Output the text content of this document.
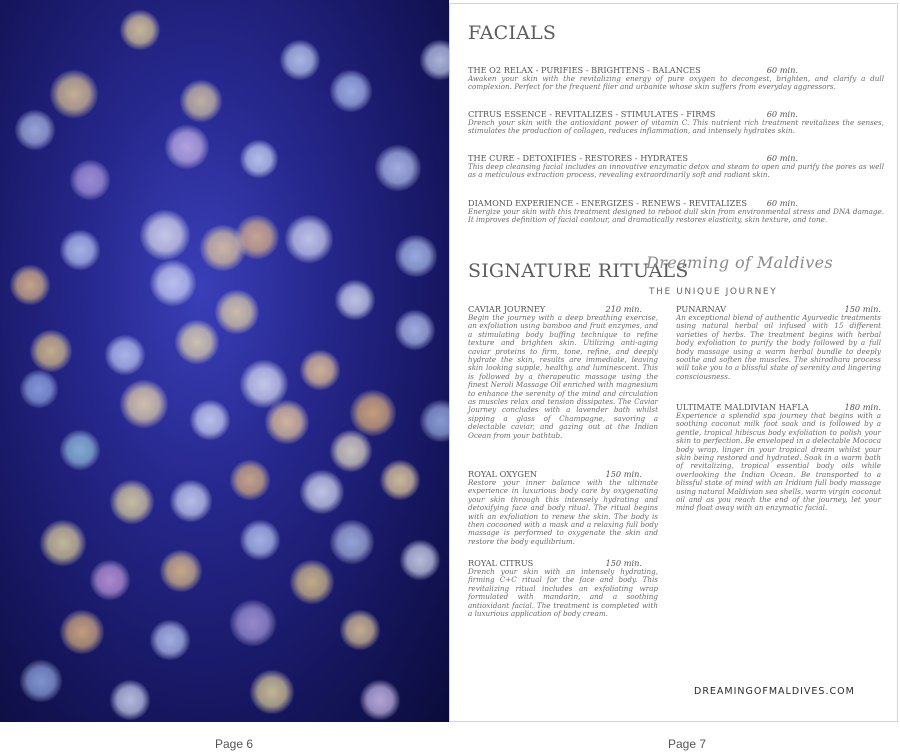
FACIALS
THE O2 RELAX - PURIFIES - BRIGHTENS - BALANCES	60 min.
Awaken your skin with the revitalizing energy of pure oxygen to decongest, brighten, and clarify a dull complexion. Perfect for the frequent flier and urbanite whose skin suffers from everyday aggressors.
CITRUS ESSENCE - REVITALIZES - STIMULATES - FIRMS	60 min.
Drench your skin with the antioxidant power of vitamin C. This nutrient rich treatment revitalizes the senses, stimulates the production of collagen, reduces inflammation, and intensely hydrates skin.
THE CURE - DETOXIFIES - RESTORES - HYDRATES	60 min.
This deep cleansing facial includes an innovative enzymatic detox and steam to open and purify the pores as well as a meticulous extraction process, revealing extraordinarily soft and radiant skin.
DIAMOND EXPERIENCE - ENERGIZES - RENEWS - REVITALIZES 60 min.
Energize your skin with this treatment designed to reboot dull skin from environmental stress and DNA damage. It improves definition of facial contour, and dramatically restores elasticity, skin texture, and tone.
SIGNATURE RITUALS
Dreaming of Maldives
THE UNIQUE JOURNEY
CAVIAR JOURNEY	210 min.
Begin the journey with a deep breathing exercise, an exfoliation using bamboo and fruit enzymes, and a stimulating body buffing technique to refine texture and brighten skin. Utilizing anti-aging caviar proteins to firm, tone, refine, and deeply hydrate the skin, results are immediate, leaving skin looking supple, healthy, and luminescent. This is followed by a therapeutic massage using the finest Neroli Massage Oil enriched with magnesium to enhance the serenity of the mind and circulation as muscles relax and tension dissipates. The Caviar Journey concludes with a lavender bath whilst sipping a glass of Champagne, savoring a delectable caviar, and gazing out at the Indian Ocean from your bathtub.
ROYAL OXYGEN	150 min.
Restore your inner balance with the ultimate experience in luxurious body care by oxygenating your skin through this intensely hydrating and detoxifying face and body ritual. The ritual begins with an exfoliation to renew the skin. The body is then cocooned with a mask and a relaxing full body massage is performed to oxygenate the skin and restore the body equilibrium.
ROYAL CITRUS	150 min.
Drench your skin with an intensely hydrating, firming C+C ritual for the face and body. This revitalizing ritual includes an exfoliating wrap formulated with mandarin, and a soothing antioxidant facial. The treatment is completed with a luxurious application of body cream.
PUNARNAV	150 min.
An exceptional blend of authentic Ayurvedic treatments using natural herbal oil infused with 15 different varieties of herbs. The treatment begins with herbal body exfoliation to purify the body followed by a full body massage using a warm herbal bundle to deeply soothe and soften the muscles. The shirodhara process will take you to a blissful state of serenity and lingering consciousness.
ULTIMATE MALDIVIAN HAFLA	180 min.
Experience a splendid spa journey that begins with a soothing coconut milk foot soak and is followed by a gentle, tropical hibiscus body exfoliation to polish your skin to perfection. Be enveloped in a delectable Mococa body wrap, linger in your tropical dream whilst your skin being restored and hydrated. Soak in a warm bath of revitalizing, tropical essential body oils while overlooking the Indian Ocean. Be transported to a blissful state of mind with an Iridium full body massage using natural Maldivian sea shells, warm virgin coconut oil and as you reach the end of the journey, let your mind float away with an enzymatic facial.
DREAMINGOFMALDIVES.COM
Page 6	Page 7
